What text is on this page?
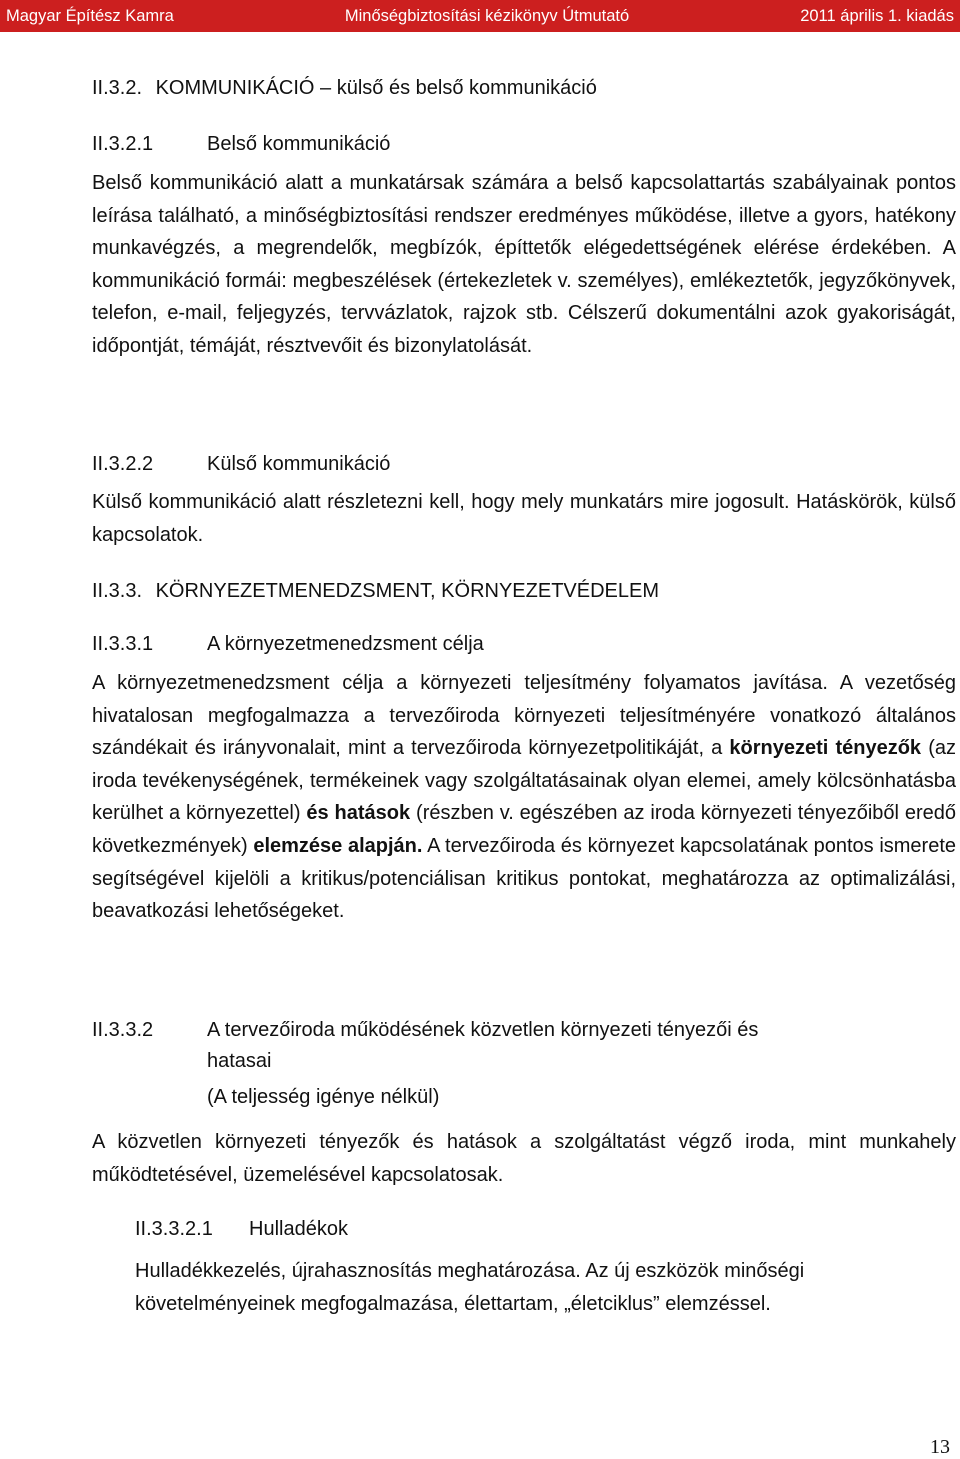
Magyar Építész Kamra	Minőségbiztosítási kézikönyv Útmutató	2011 április 1. kiadás
II.3.2. KOMMUNIKÁCIÓ – külső és belső kommunikáció
II.3.2.1	Belső kommunikáció
Belső kommunikáció alatt a munkatársak számára a belső kapcsolattartás szabályainak pontos leírása található, a minőségbiztosítási rendszer eredményes működése, illetve a gyors, hatékony munkavégzés, a megrendelők, megbízók, építtetők elégedettségének elérése érdekében. A kommunikáció formái: megbeszélések (értekezletek v. személyes), emlékeztetők, jegyzőkönyvek, telefon, e-mail, feljegyzés, tervvázlatok, rajzok stb. Célszerű dokumentálni azok gyakoriságát, időpontját, témáját, résztvevőit és bizonylatolását.
II.3.2.2	Külső kommunikáció
Külső kommunikáció alatt részletezni kell, hogy mely munkatárs mire jogosult. Hatáskörök, külső kapcsolatok.
II.3.3. KÖRNYEZETMENEDZSMENT, KÖRNYEZETVÉDELEM
II.3.3.1	A környezetmenedzsment célja
A környezetmenedzsment célja a környezeti teljesítmény folyamatos javítása. A vezetőség hivatalosan megfogalmazza a tervezőiroda környezeti teljesítményére vonatkozó általános szándékait és irányvonalait, mint a tervezőiroda környezetpolitikáját, a környezeti tényezők (az iroda tevékenységének, termékeinek vagy szolgáltatásainak olyan elemei, amely kölcsönhatásba kerülhet a környezettel) és hatások (részben v. egészében az iroda környezeti tényezőiből eredő következmények) elemzése alapján. A tervezőiroda és környezet kapcsolatának pontos ismerete segítségével kijelöli a kritikus/potenciálisan kritikus pontokat, meghatározza az optimalizálási, beavatkozási lehetőségeket.
II.3.3.2	A tervezőiroda működésének közvetlen környezeti tényezői és
hatasai
(A teljesség igénye nélkül)
A közvetlen környezeti tényezők és hatások a szolgáltatást végző iroda, mint munkahely működtetésével, üzemelésével kapcsolatosak.
II.3.3.2.1 Hulladékok
Hulladékkezelés, újrahasznosítás meghatározása. Az új eszközök minőségi követelményeinek megfogalmazása, élettartam, „életciklus” elemzéssel.
13
